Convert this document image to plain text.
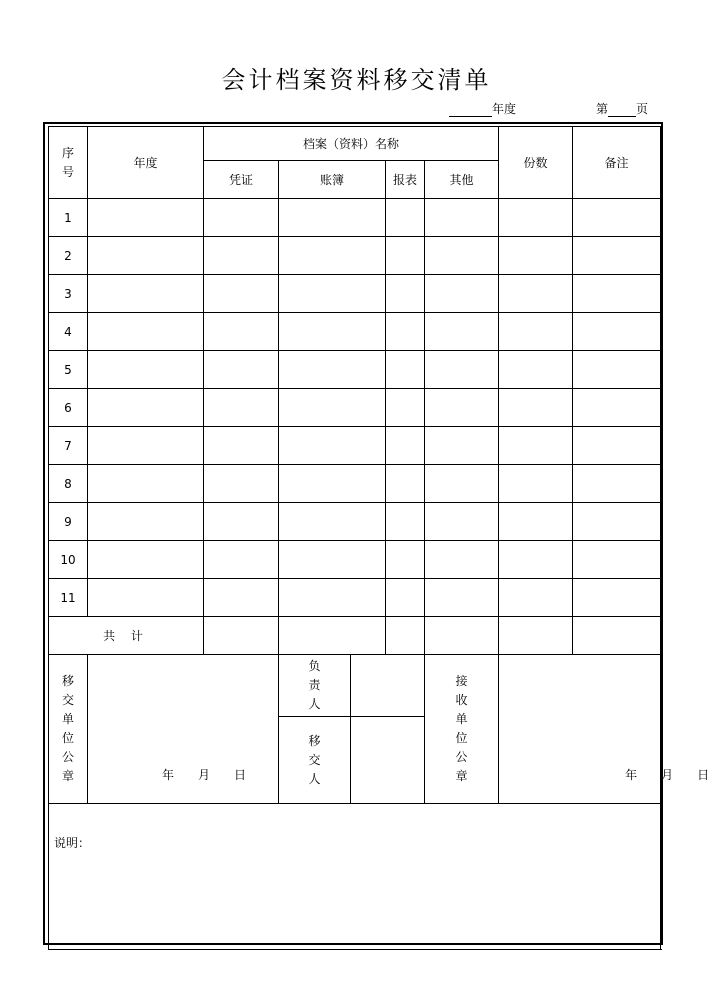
会计档案资料移交清单
年度	第 页
序号	年度	档案（资料）名称					份数	备注
		凭证	账簿		报表	其他		
1								
2								
3								
4								
5								
6								
7								
8								
9								
10								
11								
共 计								
移交单位公章	年 月 日		负责人			接收单位公章	年 月 日	

			移交人					

说明：								
